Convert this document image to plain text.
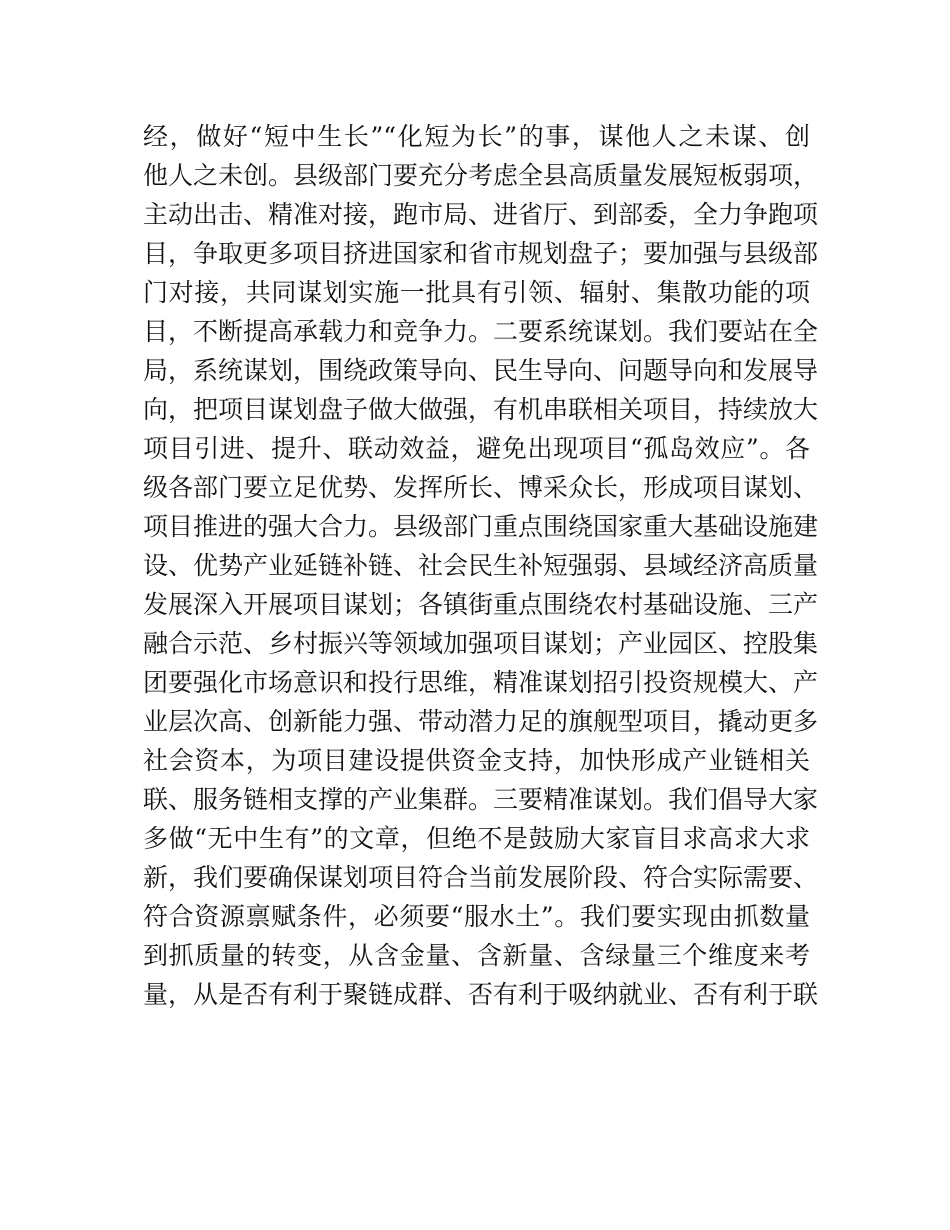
经，做好“短中生长”“化短为长”的事，谋他人之未谋、创
他人之未创。县级部门要充分考虑全县高质量发展短板弱项，
主动出击、精准对接，跑市局、进省厅、到部委，全力争跑项
目，争取更多项目挤进国家和省市规划盘子；要加强与县级部
门对接，共同谋划实施一批具有引领、辐射、集散功能的项
目，不断提高承载力和竞争力。二要系统谋划。我们要站在全
局，系统谋划，围绕政策导向、民生导向、问题导向和发展导
向，把项目谋划盘子做大做强，有机串联相关项目，持续放大
项目引进、提升、联动效益，避免出现项目“孤岛效应”。各
级各部门要立足优势、发挥所长、博采众长，形成项目谋划、
项目推进的强大合力。县级部门重点围绕国家重大基础设施建
设、优势产业延链补链、社会民生补短强弱、县域经济高质量
发展深入开展项目谋划；各镇街重点围绕农村基础设施、三产
融合示范、乡村振兴等领域加强项目谋划；产业园区、控股集
团要强化市场意识和投行思维，精准谋划招引投资规模大、产
业层次高、创新能力强、带动潜力足的旗舰型项目，撬动更多
社会资本，为项目建设提供资金支持，加快形成产业链相关
联、服务链相支撑的产业集群。三要精准谋划。我们倡导大家
多做“无中生有”的文章，但绝不是鼓励大家盲目求高求大求
新，我们要确保谋划项目符合当前发展阶段、符合实际需要、
符合资源禀赋条件，必须要“服水土”。我们要实现由抓数量
到抓质量的转变，从含金量、含新量、含绿量三个维度来考
量，从是否有利于聚链成群、否有利于吸纳就业、否有利于联
